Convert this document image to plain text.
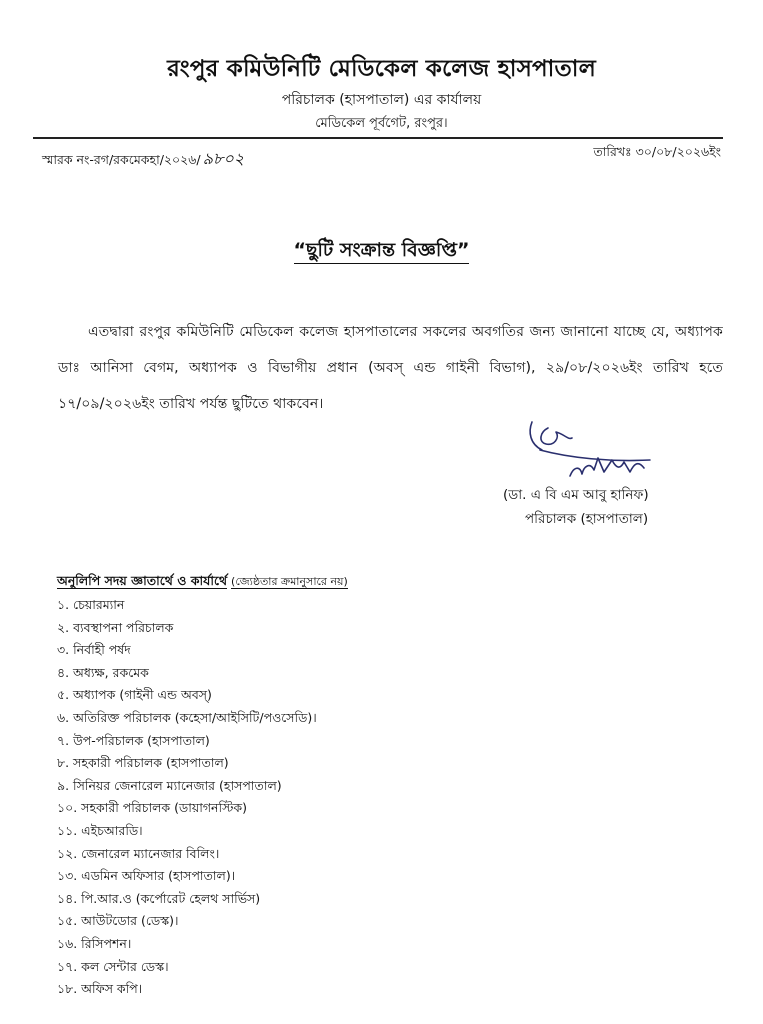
রংপুর কমিউনিটি মেডিকেল কলেজ হাসপাতাল
পরিচালক (হাসপাতাল) এর কার্যালয়
মেডিকেল পূর্বগেট, রংপুর।
স্মারক নং-রগ/রকমেকহা/২০২৬/ ৯৮০২	তারিখঃ ৩০/০৮/২০২৬ইং
“ছুটি সংক্রান্ত বিজ্ঞপ্তি”
এতদ্বারা রংপুর কমিউনিটি মেডিকেল কলেজ হাসপাতালের সকলের অবগতির জন্য জানানো যাচ্ছে যে, অধ্যাপক ডাঃ আনিসা বেগম, অধ্যাপক ও বিভাগীয় প্রধান (অবস্ এন্ড গাইনী বিভাগ), ২৯/০৮/২০২৬ইং তারিখ হতে ১৭/০৯/২০২৬ইং তারিখ পর্যন্ত ছুটিতে থাকবেন।
(ডা. এ বি এম আবু হানিফ)
পরিচালক (হাসপাতাল)
অনুলিপি সদয় জ্ঞাতার্থে ও কার্যার্থে (জ্যেষ্ঠতার ক্রমানুসারে নয়)
১. চেয়ারম্যান
২. ব্যবস্থাপনা পরিচালক
৩. নির্বাহী পর্ষদ
৪. অধ্যক্ষ, রকমেক
৫. অধ্যাপক (গাইনী এন্ড অবস্)
৬. অতিরিক্ত পরিচালক (কহেসা/আইসিটি/পওসেডি)।
৭. উপ-পরিচালক (হাসপাতাল)
৮. সহকারী পরিচালক (হাসপাতাল)
৯. সিনিয়র জেনারেল ম্যানেজার (হাসপাতাল)
১০. সহকারী পরিচালক (ডায়াগনস্টিক)
১১. এইচআরডি।
১২. জেনারেল ম্যানেজার বিলিং।
১৩. এডমিন অফিসার (হাসপাতাল)।
১৪. পি.আর.ও (কর্পোরেট হেলথ সার্ভিস)
১৫. আউটডোর (ডেস্ক)।
১৬. রিসিপশন।
১৭. কল সেন্টার ডেস্ক।
১৮. অফিস কপি।
